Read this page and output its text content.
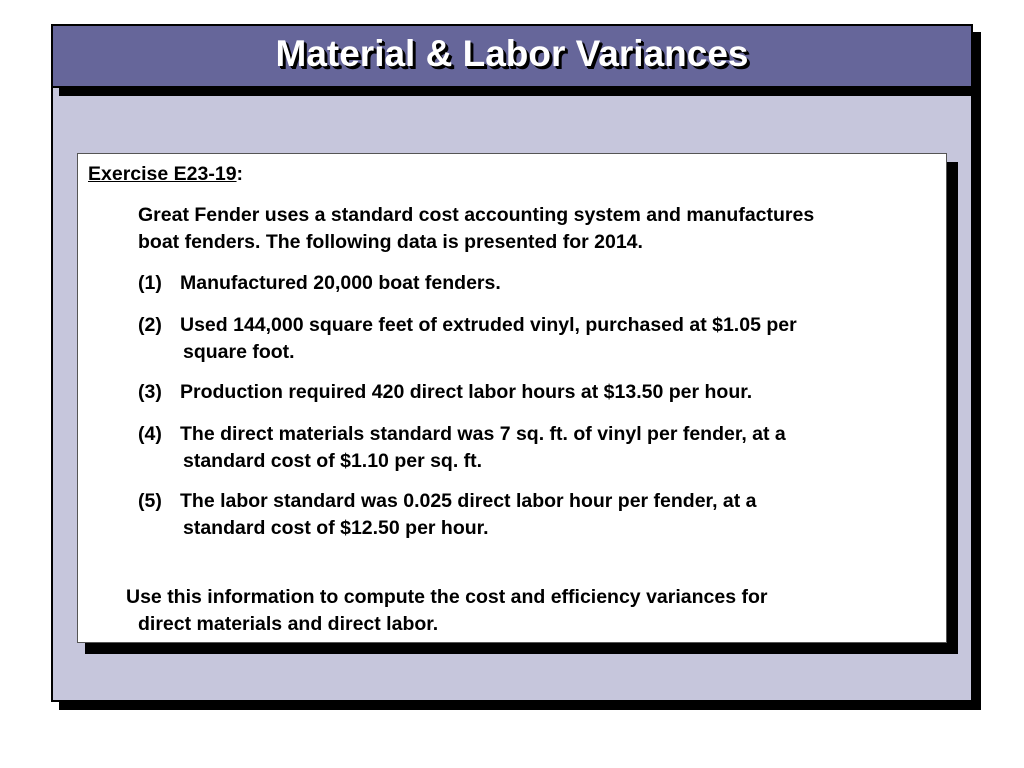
Material & Labor Variances
Exercise E23-19:
Great Fender uses a standard cost accounting system and manufactures
boat fenders. The following data is presented for 2014.
(1) Manufactured 20,000 boat fenders.
(2) Used 144,000 square feet of extruded vinyl, purchased at $1.05 per
square foot.
(3) Production required 420 direct labor hours at $13.50 per hour.
(4) The direct materials standard was 7 sq. ft. of vinyl per fender, at a
standard cost of $1.10 per sq. ft.
(5) The labor standard was 0.025 direct labor hour per fender, at a
standard cost of $12.50 per hour.
Use this information to compute the cost and efficiency variances for
direct materials and direct labor.
